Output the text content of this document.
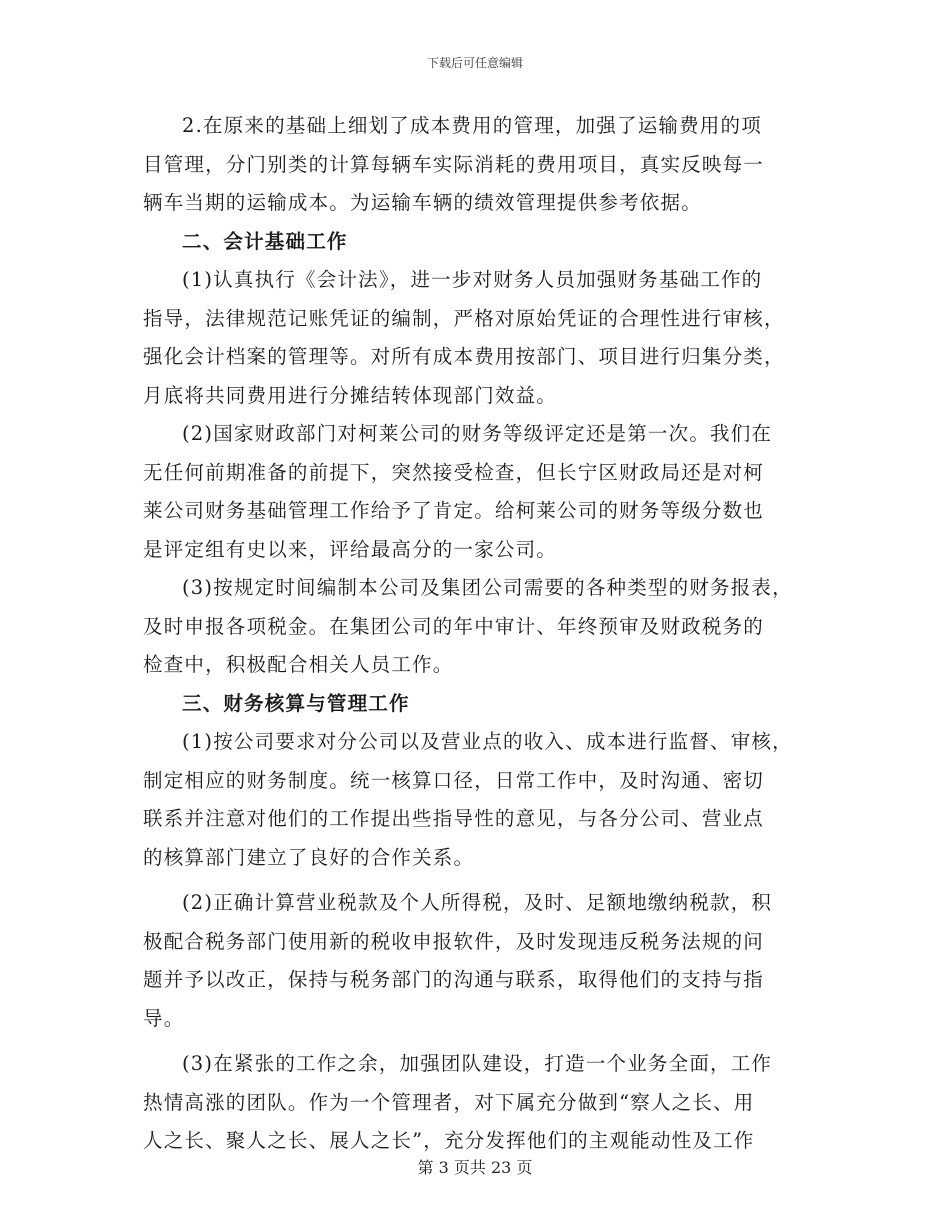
下载后可任意编辑
2.在原来的基础上细划了成本费用的管理，加强了运输费用的项
目管理，分门别类的计算每辆车实际消耗的费用项目，真实反映每一
辆车当期的运输成本。为运输车辆的绩效管理提供参考依据。
二、会计基础工作
(1)认真执行《会计法》，进一步对财务人员加强财务基础工作的
指导，法律规范记账凭证的编制，严格对原始凭证的合理性进行审核，
强化会计档案的管理等。对所有成本费用按部门、项目进行归集分类，
月底将共同费用进行分摊结转体现部门效益。
(2)国家财政部门对柯莱公司的财务等级评定还是第一次。我们在
无任何前期准备的前提下，突然接受检查，但长宁区财政局还是对柯
莱公司财务基础管理工作给予了肯定。给柯莱公司的财务等级分数也
是评定组有史以来，评给最高分的一家公司。
(3)按规定时间编制本公司及集团公司需要的各种类型的财务报表，
及时申报各项税金。在集团公司的年中审计、年终预审及财政税务的
检查中，积极配合相关人员工作。
三、财务核算与管理工作
(1)按公司要求对分公司以及营业点的收入、成本进行监督、审核，
制定相应的财务制度。统一核算口径，日常工作中，及时沟通、密切
联系并注意对他们的工作提出些指导性的意见，与各分公司、营业点
的核算部门建立了良好的合作关系。
(2)正确计算营业税款及个人所得税，及时、足额地缴纳税款，积
极配合税务部门使用新的税收申报软件，及时发现违反税务法规的问
题并予以改正，保持与税务部门的沟通与联系，取得他们的支持与指
导。
(3)在紧张的工作之余，加强团队建设，打造一个业务全面，工作
热情高涨的团队。作为一个管理者，对下属充分做到“察人之长、用
人之长、聚人之长、展人之长”，充分发挥他们的主观能动性及工作
第 3 页共 23 页
